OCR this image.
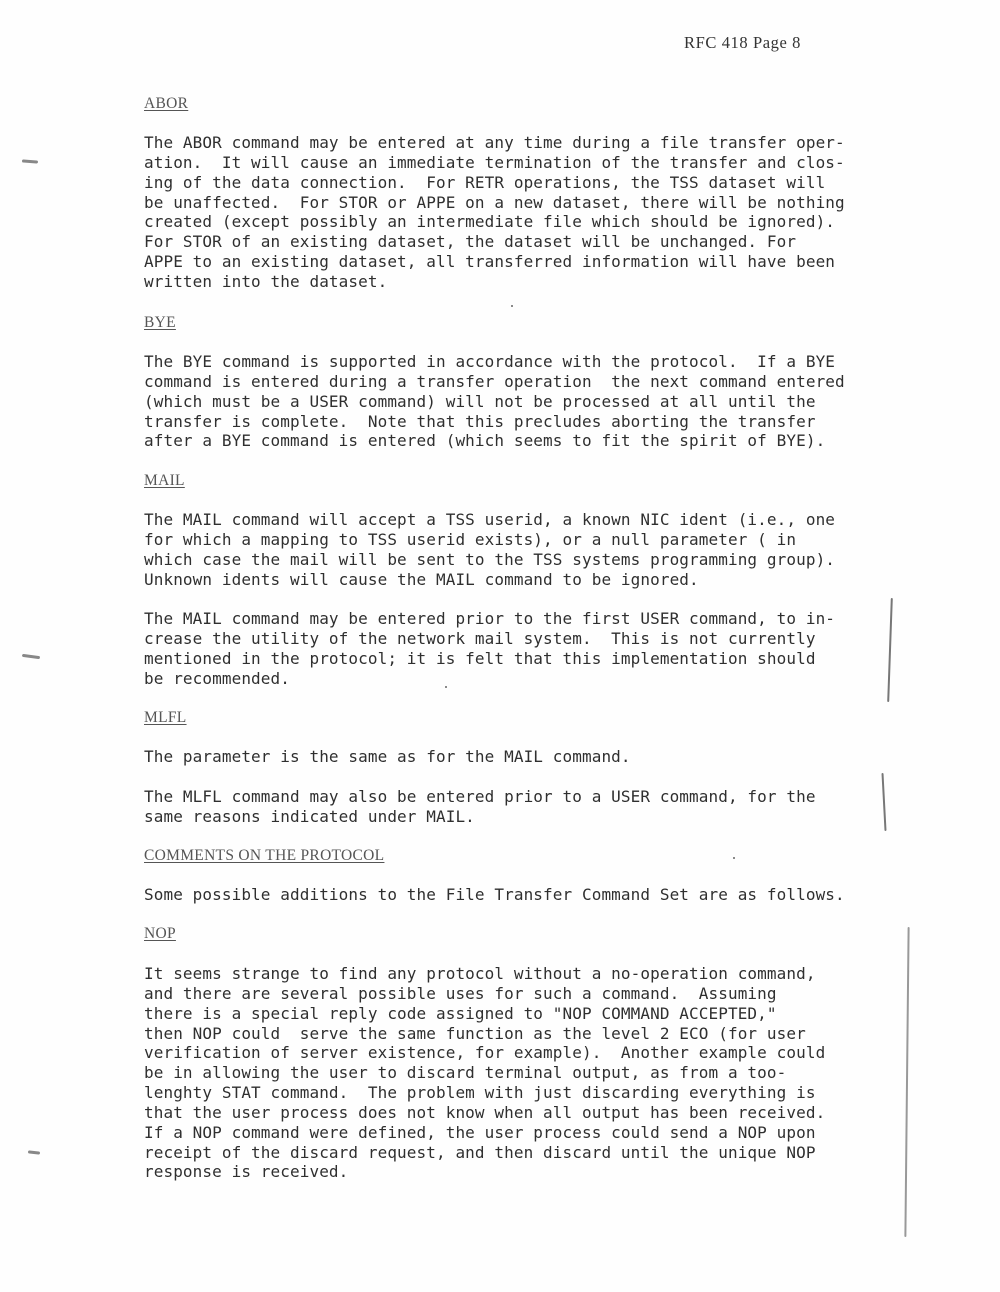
RFC 418 Page 8
ABOR
The ABOR command may be entered at any time during a file transfer oper-
ation.  It will cause an immediate termination of the transfer and clos-
ing of the data connection.  For RETR operations, the TSS dataset will
be unaffected.  For STOR or APPE on a new dataset, there will be nothing
created (except possibly an intermediate file which should be ignored).
For STOR of an existing dataset, the dataset will be unchanged. For
APPE to an existing dataset, all transferred information will have been
written into the dataset.
BYE
The BYE command is supported in accordance with the protocol.  If a BYE
command is entered during a transfer operation  the next command entered
(which must be a USER command) will not be processed at all until the
transfer is complete.  Note that this precludes aborting the transfer
after a BYE command is entered (which seems to fit the spirit of BYE).
MAIL
The MAIL command will accept a TSS userid, a known NIC ident (i.e., one
for which a mapping to TSS userid exists), or a null parameter ( in
which case the mail will be sent to the TSS systems programming group).
Unknown idents will cause the MAIL command to be ignored.
The MAIL command may be entered prior to the first USER command, to in-
crease the utility of the network mail system.  This is not currently
mentioned in the protocol; it is felt that this implementation should
be recommended.
MLFL
The parameter is the same as for the MAIL command.
The MLFL command may also be entered prior to a USER command, for the
same reasons indicated under MAIL.
COMMENTS ON THE PROTOCOL
Some possible additions to the File Transfer Command Set are as follows.
NOP
It seems strange to find any protocol without a no-operation command,
and there are several possible uses for such a command.  Assuming
there is a special reply code assigned to "NOP COMMAND ACCEPTED,"
then NOP could  serve the same function as the level 2 ECO (for user
verification of server existence, for example).  Another example could
be in allowing the user to discard terminal output, as from a too-
lenghty STAT command.  The problem with just discarding everything is
that the user process does not know when all output has been received.
If a NOP command were defined, the user process could send a NOP upon
receipt of the discard request, and then discard until the unique NOP
response is received.
